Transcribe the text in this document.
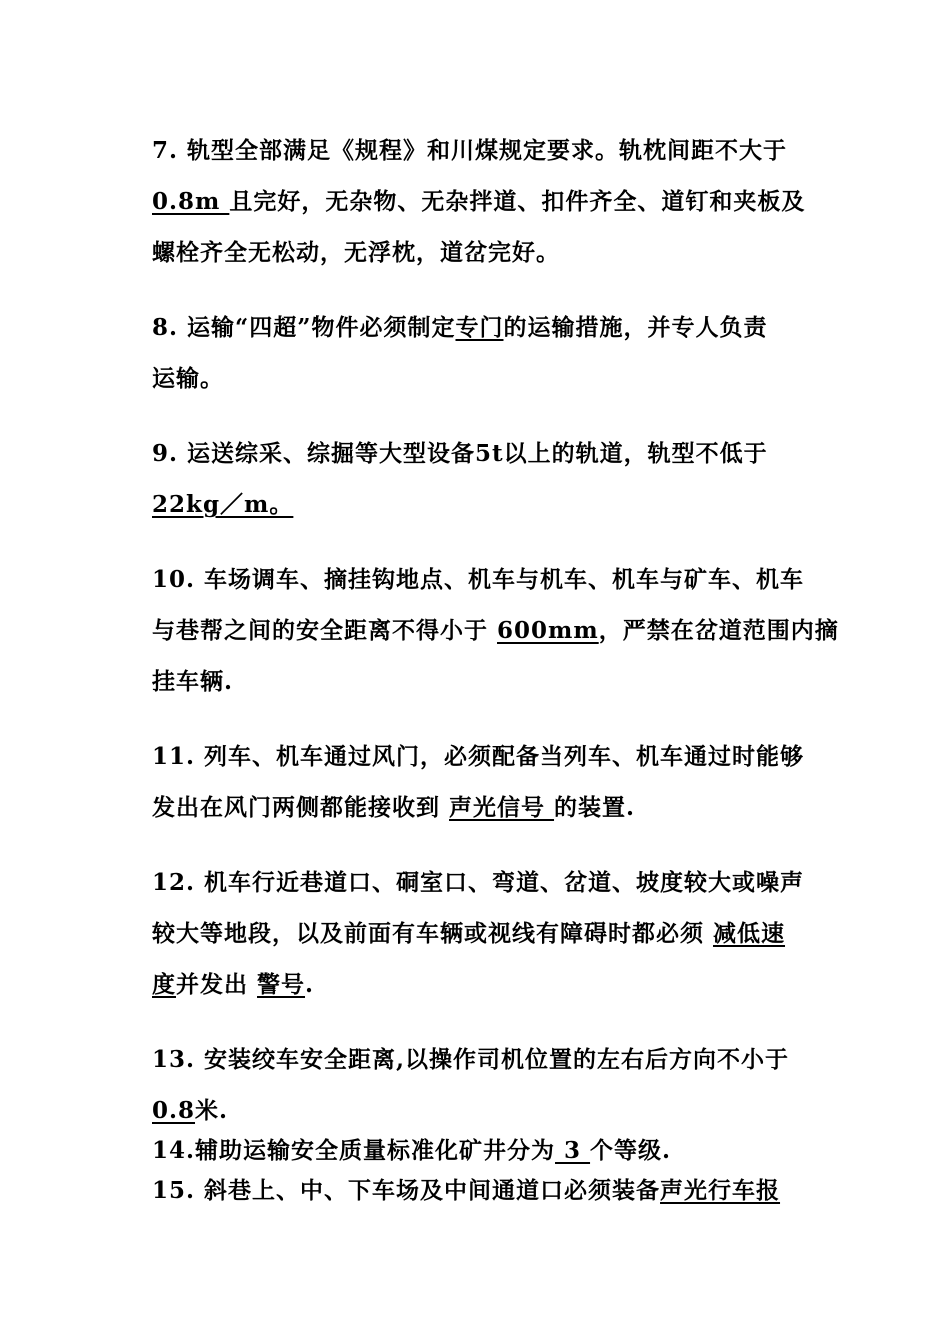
7. 轨型全部满足《规程》和川煤规定要求。轨枕间距不大于
0.8m 且完好，无杂物、无杂拌道、扣件齐全、道钉和夹板及
螺栓齐全无松动，无浮枕，道岔完好。

8. 运输“四超”物件必须制定专门的运输措施，并专人负责
运输。

9. 运送综采、综掘等大型设备5t以上的轨道，轨型不低于
22kg／m。

10. 车场调车、摘挂钩地点、机车与机车、机车与矿车、机车
与巷帮之间的安全距离不得小于 600mm，严禁在岔道范围内摘
挂车辆.

11. 列车、机车通过风门，必须配备当列车、机车通过时能够
发出在风门两侧都能接收到 声光信号 的装置.

12. 机车行近巷道口、硐室口、弯道、岔道、坡度较大或噪声
较大等地段，以及前面有车辆或视线有障碍时都必须 减低速
度并发出 警号.

13. 安装绞车安全距离,以操作司机位置的左右后方向不小于
0.8米.

14.辅助运输安全质量标准化矿井分为 3 个等级.

15. 斜巷上、中、下车场及中间通道口必须装备声光行车报
